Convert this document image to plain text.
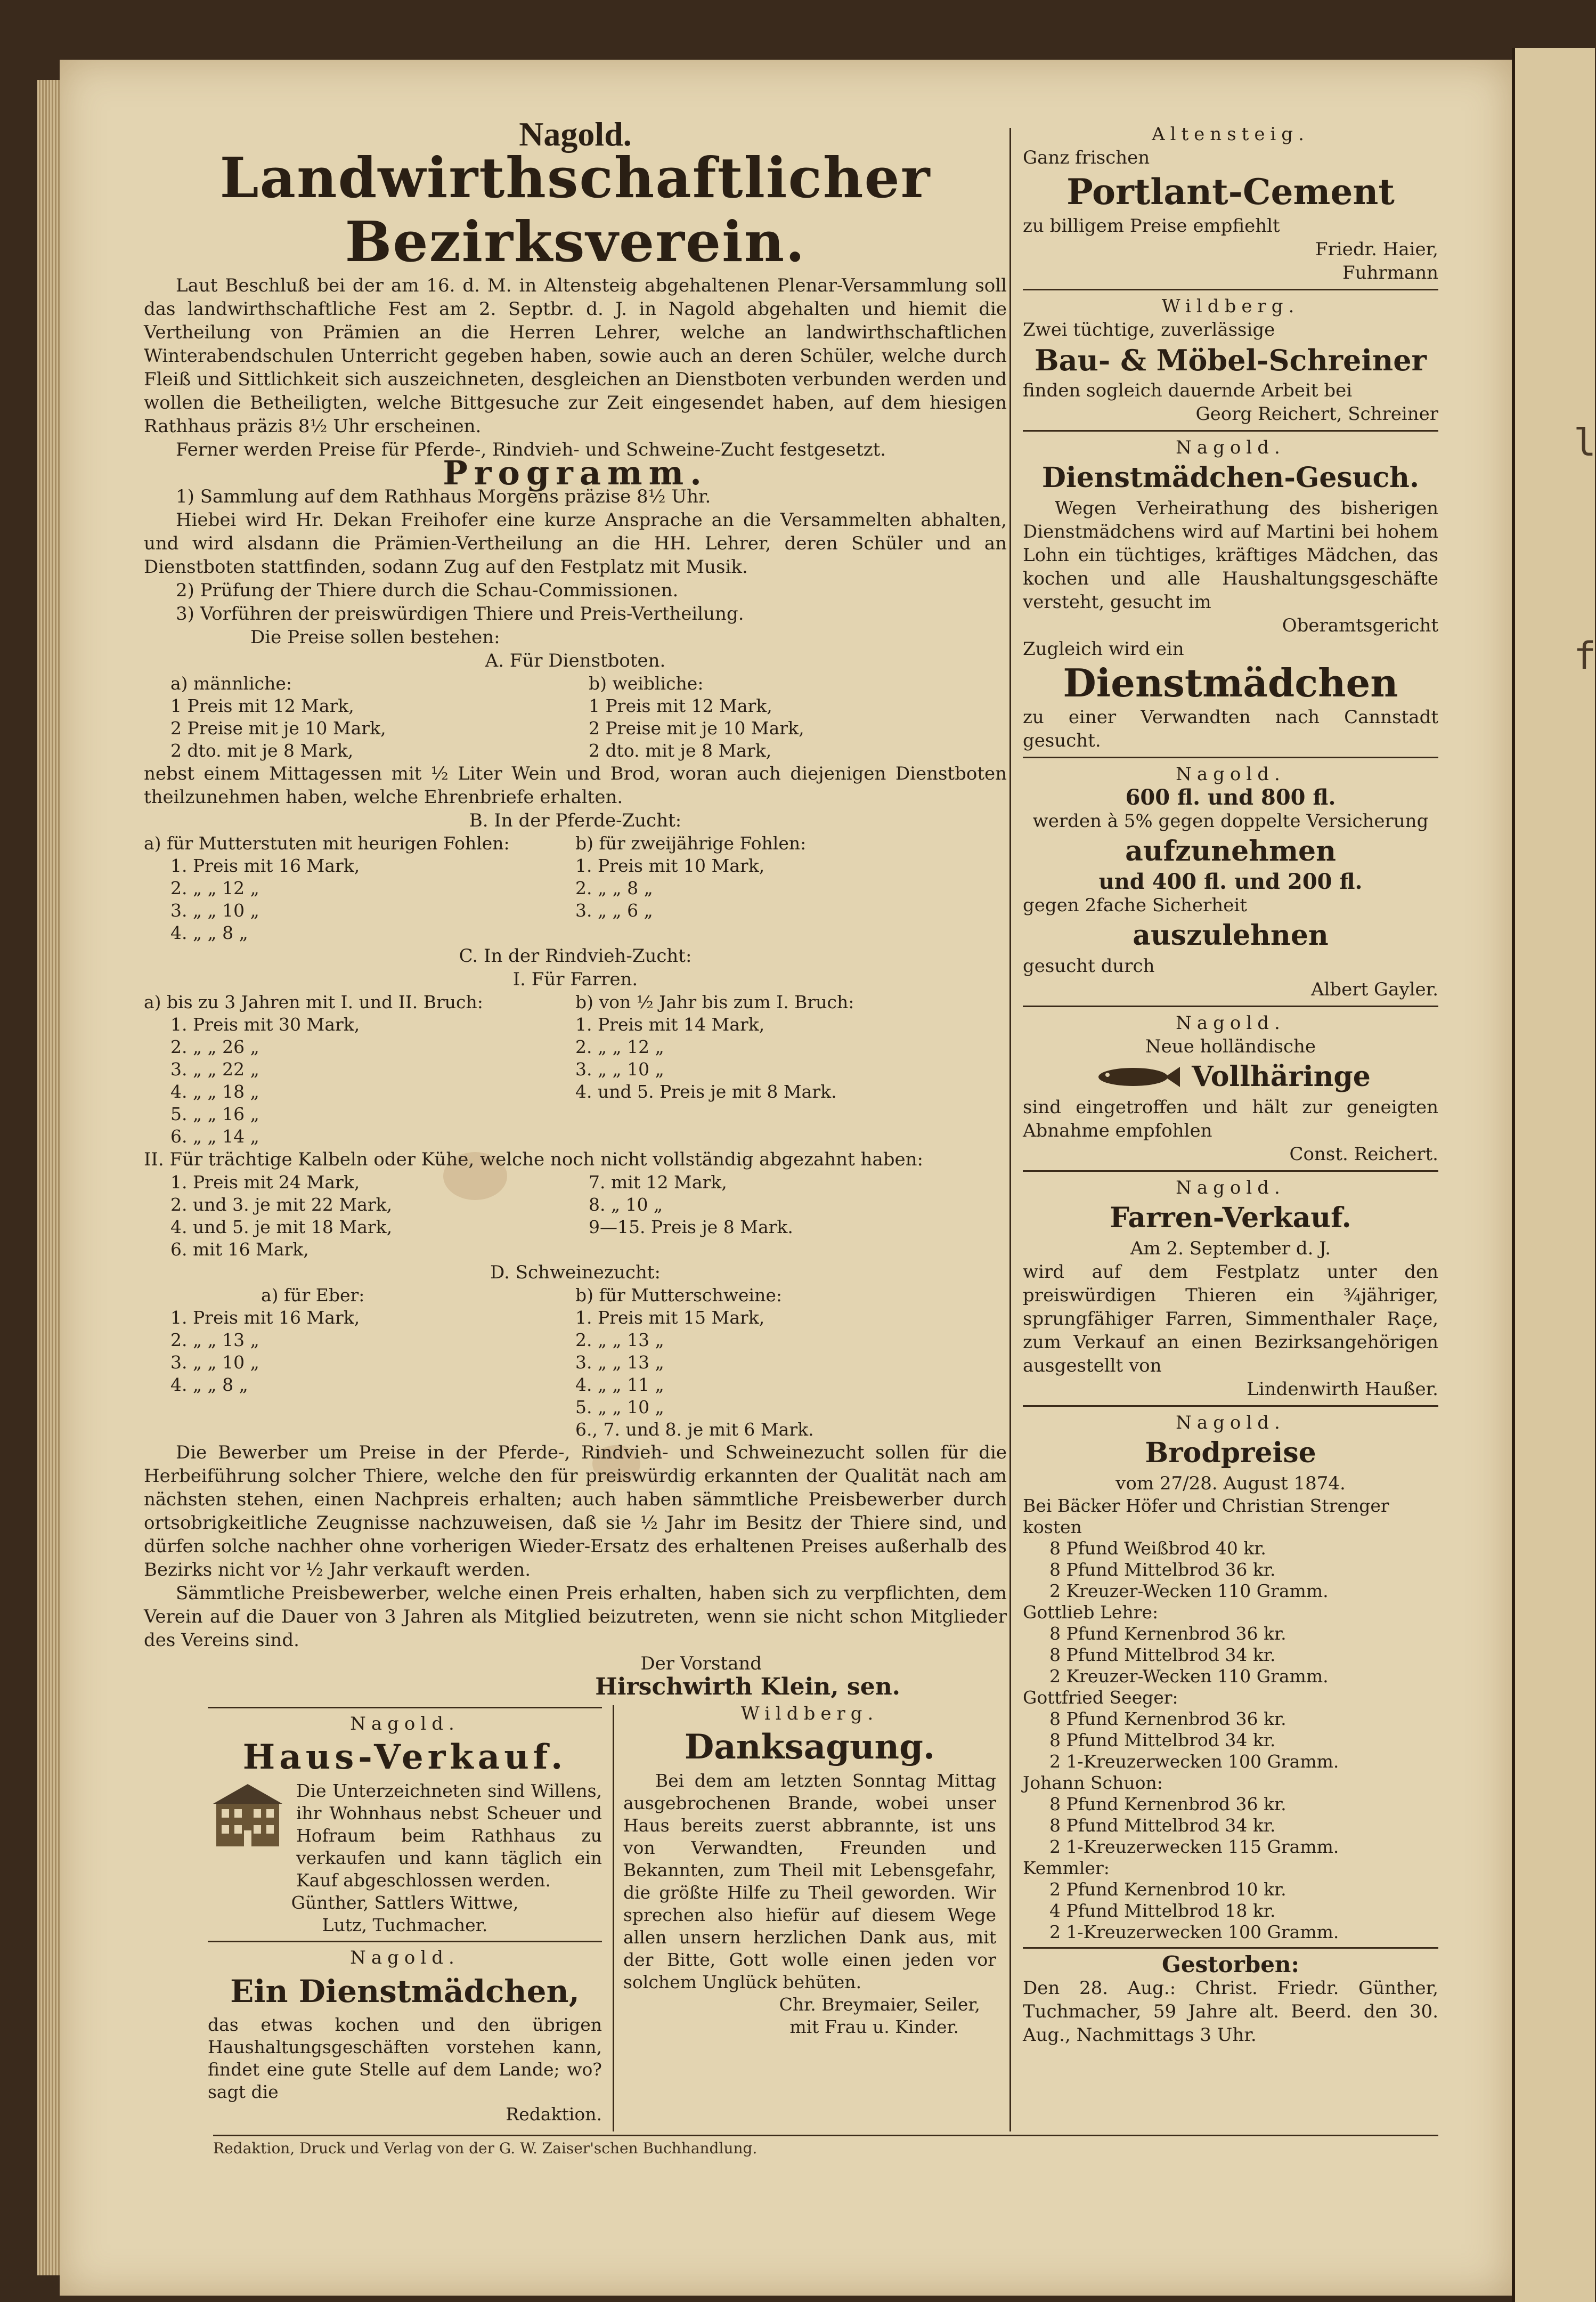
l
f
Nagold.
Landwirthschaftlicher Bezirksverein.

Laut Beschluß bei der am 16. d. M. in Altensteig abgehaltenen Plenar-Versammlung soll das landwirthschaftliche Fest am 2. Septbr. d. J. in Nagold abgehalten und hiemit die Vertheilung von Prämien an die Herren Lehrer, welche an landwirthschaftlichen Winterabendschulen Unterricht gegeben haben, sowie auch an deren Schüler, welche durch Fleiß und Sittlichkeit sich auszeichneten, desgleichen an Dienstboten verbunden werden und wollen die Betheiligten, welche Bittgesuche zur Zeit eingesendet haben, auf dem hiesigen Rathhaus präzis 8½ Uhr erscheinen.

Ferner werden Preise für Pferde-, Rindvieh- und Schweine-Zucht festgesetzt.

Programm.

1) Sammlung auf dem Rathhaus Morgens präzise 8½ Uhr.

Hiebei wird Hr. Dekan Freihofer eine kurze Ansprache an die Versammelten abhalten, und wird alsdann die Prämien-Vertheilung an die HH. Lehrer, deren Schüler und an Dienstboten stattfinden, sodann Zug auf den Festplatz mit Musik.

2) Prüfung der Thiere durch die Schau-Commissionen.

3) Vorführen der preiswürdigen Thiere und Preis-Vertheilung.

Die Preise sollen bestehen:
A. Für Dienstboten.
a) männliche:
1 Preis mit 12 Mark,
2 Preise mit je 10 Mark,
2 dto. mit je 8 Mark,
b) weibliche:
1 Preis mit 12 Mark,
2 Preise mit je 10 Mark,
2 dto. mit je 8 Mark,

nebst einem Mittagessen mit ½ Liter Wein und Brod, woran auch diejenigen Dienstboten theilzunehmen haben, welche Ehrenbriefe erhalten.

B. In der Pferde-Zucht:
a) für Mutterstuten mit heurigen Fohlen:
1. Preis mit 16 Mark,
2. „ „ 12 „
3. „ „ 10 „
4. „ „ 8 „
b) für zweijährige Fohlen:
1. Preis mit 10 Mark,
2. „ „ 8 „
3. „ „ 6 „
C. In der Rindvieh-Zucht:
I. Für Farren.
a) bis zu 3 Jahren mit I. und II. Bruch:
1. Preis mit 30 Mark,
2. „ „ 26 „
3. „ „ 22 „
4. „ „ 18 „
5. „ „ 16 „
6. „ „ 14 „
b) von ½ Jahr bis zum I. Bruch:
1. Preis mit 14 Mark,
2. „ „ 12 „
3. „ „ 10 „
4. und 5. Preis je mit 8 Mark.
II. Für trächtige Kalbeln oder Kühe, welche noch nicht vollständig abgezahnt haben:
1. Preis mit 24 Mark,
2. und 3. je mit 22 Mark,
4. und 5. je mit 18 Mark,
6. mit 16 Mark,
7. mit 12 Mark,
8. „ 10 „
9—15. Preis je 8 Mark.
D. Schweinezucht:
a) für Eber:
1. Preis mit 16 Mark,
2. „ „ 13 „
3. „ „ 10 „
4. „ „ 8 „
b) für Mutterschweine:
1. Preis mit 15 Mark,
2. „ „ 13 „
3. „ „ 13 „
4. „ „ 11 „
5. „ „ 10 „
6., 7. und 8. je mit 6 Mark.

Die Bewerber um Preise in der Pferde-, Rindvieh- und Schweinezucht sollen für die Herbeiführung solcher Thiere, welche den für preiswürdig erkannten der Qualität nach am nächsten stehen, einen Nachpreis erhalten; auch haben sämmtliche Preisbewerber durch ortsobrigkeitliche Zeugnisse nachzuweisen, daß sie ½ Jahr im Besitz der Thiere sind, und dürfen solche nachher ohne vorherigen Wieder-Ersatz des erhaltenen Preises außerhalb des Bezirks nicht vor ½ Jahr verkauft werden.

Sämmtliche Preisbewerber, welche einen Preis erhalten, haben sich zu verpflichten, dem Verein auf die Dauer von 3 Jahren als Mitglied beizutreten, wenn sie nicht schon Mitglieder des Vereins sind.

Der Vorstand
Hirschwirth Klein, sen.
Nagold.
Haus-Verkauf.

Die Unterzeichneten sind Willens, ihr Wohnhaus nebst Scheuer und Hofraum beim Rathhaus zu verkaufen und kann täglich ein Kauf abgeschlossen werden.

Günther, Sattlers Wittwe,
Lutz, Tuchmacher.
Nagold.
Ein Dienstmädchen,

das etwas kochen und den übrigen Haushaltungsgeschäften vorstehen kann, findet eine gute Stelle auf dem Lande; wo? sagt die

Redaktion.
Wildberg.
Danksagung.

Bei dem am letzten Sonntag Mittag ausgebrochenen Brande, wobei unser Haus bereits zuerst abbrannte, ist uns von Verwandten, Freunden und Bekannten, zum Theil mit Lebensgefahr, die größte Hilfe zu Theil geworden. Wir sprechen also hiefür auf diesem Wege allen unsern herzlichen Dank aus, mit der Bitte, Gott wolle einen jeden vor solchem Unglück behüten.

Chr. Breymaier, Seiler,
mit Frau u. Kinder.
Altensteig.
Ganz frischen
Portlant-Cement
zu billigem Preise empfiehlt
Friedr. Haier,
Fuhrmann
Wildberg.
Zwei tüchtige, zuverlässige
Bau- & Möbel-Schreiner
finden sogleich dauernde Arbeit bei
Georg Reichert, Schreiner
Nagold.
Dienstmädchen-Gesuch.

Wegen Verheirathung des bisherigen Dienstmädchens wird auf Martini bei hohem Lohn ein tüchtiges, kräftiges Mädchen, das kochen und alle Haushaltungsgeschäfte versteht, gesucht im

Oberamtsgericht
Zugleich wird ein
Dienstmädchen

zu einer Verwandten nach Cannstadt gesucht.

Nagold.
600 fl. und 800 fl.
werden à 5% gegen doppelte Versicherung
aufzunehmen
und 400 fl. und 200 fl.
gegen 2fache Sicherheit
auszulehnen
gesucht durch
Albert Gayler.
Nagold.
Neue holländische
Vollhäringe

sind eingetroffen und hält zur geneigten Abnahme empfohlen

Const. Reichert.
Nagold.
Farren-Verkauf.
Am 2. September d. J.

wird auf dem Festplatz unter den preiswürdigen Thieren ein ¾jähriger, sprungfähiger Farren, Simmenthaler Raçe, zum Verkauf an einen Bezirksangehörigen ausgestellt von

Lindenwirth Haußer.
Nagold.
Brodpreise
vom 27/28. August 1874.
Bei Bäcker Höfer und Christian Strenger kosten
8 Pfund Weißbrod 40 kr.
8 Pfund Mittelbrod 36 kr.
2 Kreuzer-Wecken 110 Gramm.
Gottlieb Lehre:
8 Pfund Kernenbrod 36 kr.
8 Pfund Mittelbrod 34 kr.
2 Kreuzer-Wecken 110 Gramm.
Gottfried Seeger:
8 Pfund Kernenbrod 36 kr.
8 Pfund Mittelbrod 34 kr.
2 1-Kreuzerwecken 100 Gramm.
Johann Schuon:
8 Pfund Kernenbrod 36 kr.
8 Pfund Mittelbrod 34 kr.
2 1-Kreuzerwecken 115 Gramm.
Kemmler:
2 Pfund Kernenbrod 10 kr.
4 Pfund Mittelbrod 18 kr.
2 1-Kreuzerwecken 100 Gramm.
Gestorben:

Den 28. Aug.: Christ. Friedr. Günther, Tuchmacher, 59 Jahre alt. Beerd. den 30. Aug., Nachmittags 3 Uhr.

Redaktion, Druck und Verlag von der G. W. Zaiser'schen Buchhandlung.
